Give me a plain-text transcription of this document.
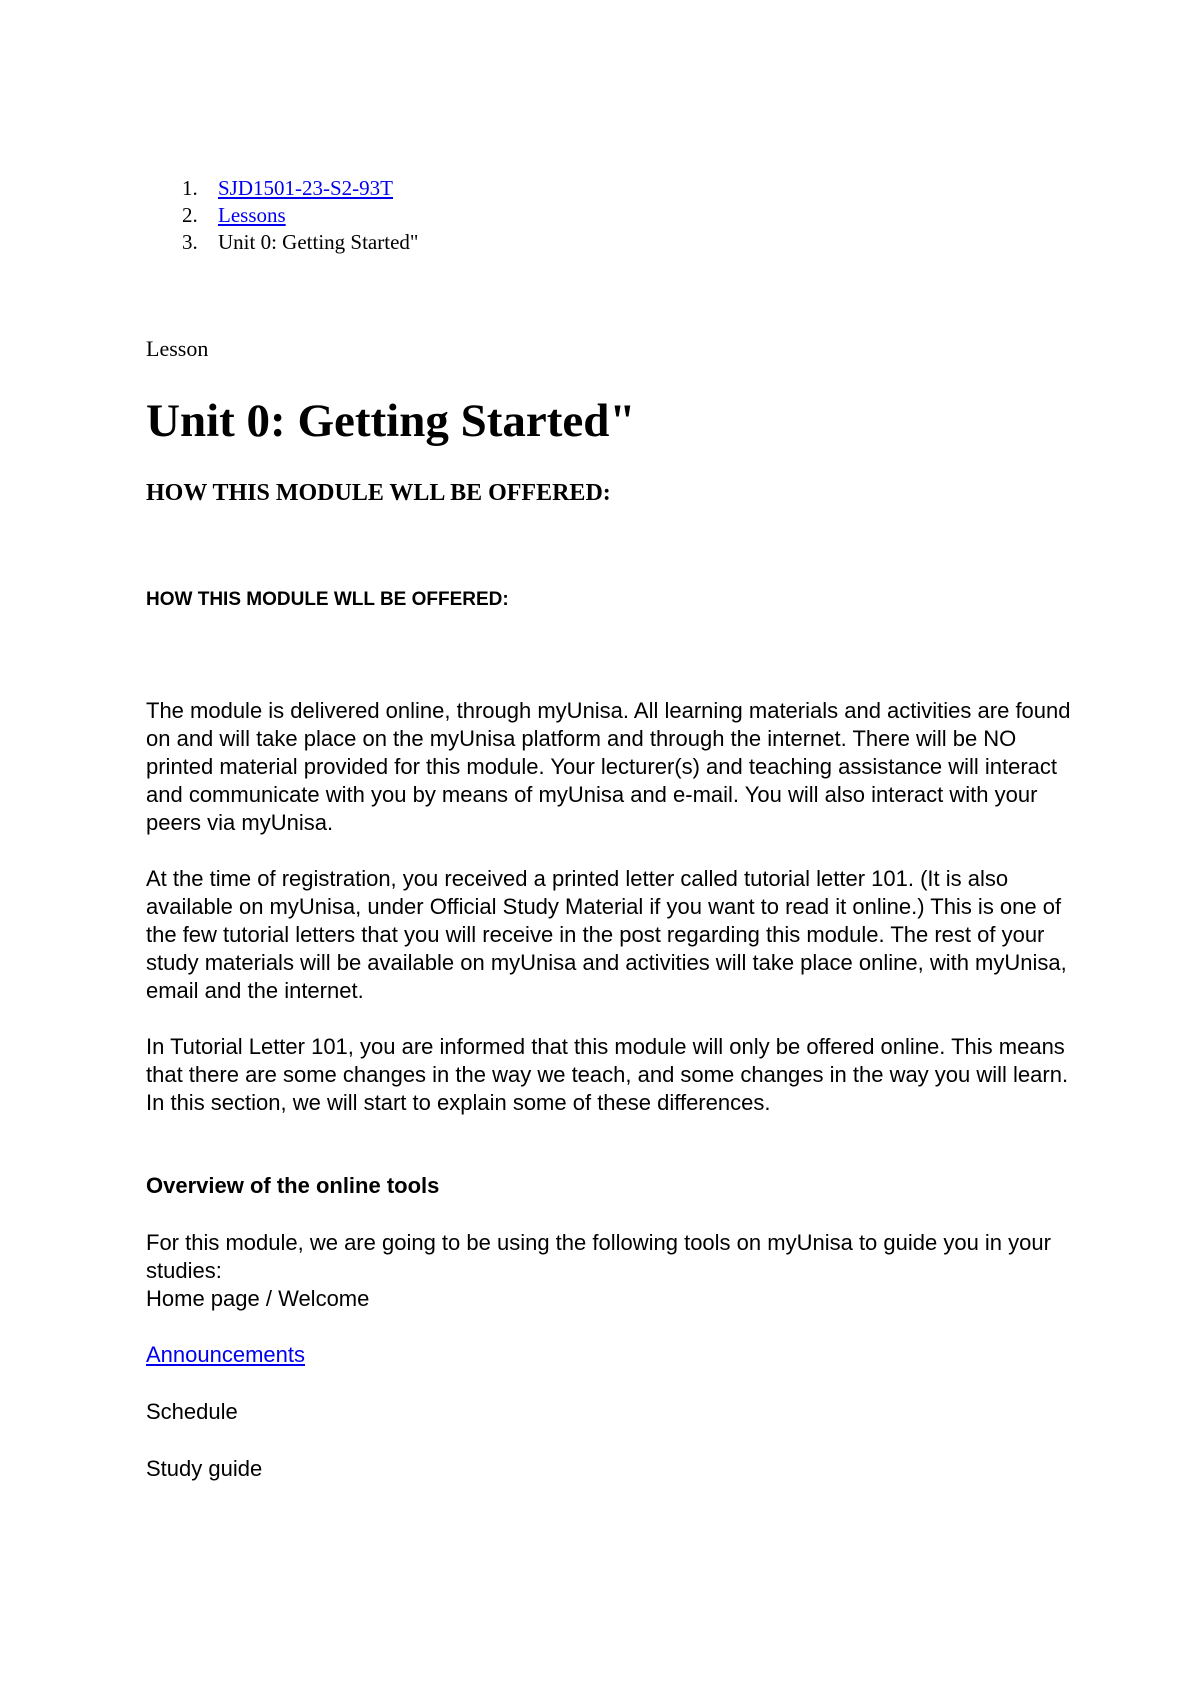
1. SJD1501-23-S2-93T
2. Lessons
3. Unit 0: Getting Started"

Lesson

Unit 0: Getting Started"
HOW THIS MODULE WLL BE OFFERED:
HOW THIS MODULE WLL BE OFFERED:

The module is delivered online, through myUnisa. All learning materials and activities are found on and will take place on the myUnisa platform and through the internet. There will be NO printed material provided for this module. Your lecturer(s) and teaching assistance will interact and communicate with you by means of myUnisa and e-mail. You will also interact with your peers via myUnisa.

At the time of registration, you received a printed letter called tutorial letter 101. (It is also available on myUnisa, under Official Study Material if you want to read it online.) This is one of the few tutorial letters that you will receive in the post regarding this module. The rest of your study materials will be available on myUnisa and activities will take place online, with myUnisa, email and the internet.

In Tutorial Letter 101, you are informed that this module will only be offered online. This means that there are some changes in the way we teach, and some changes in the way you will learn. In this section, we will start to explain some of these differences.

Overview of the online tools

For this module, we are going to be using the following tools on myUnisa to guide you in your studies:
Home page / Welcome

Announcements

Schedule

Study guide
